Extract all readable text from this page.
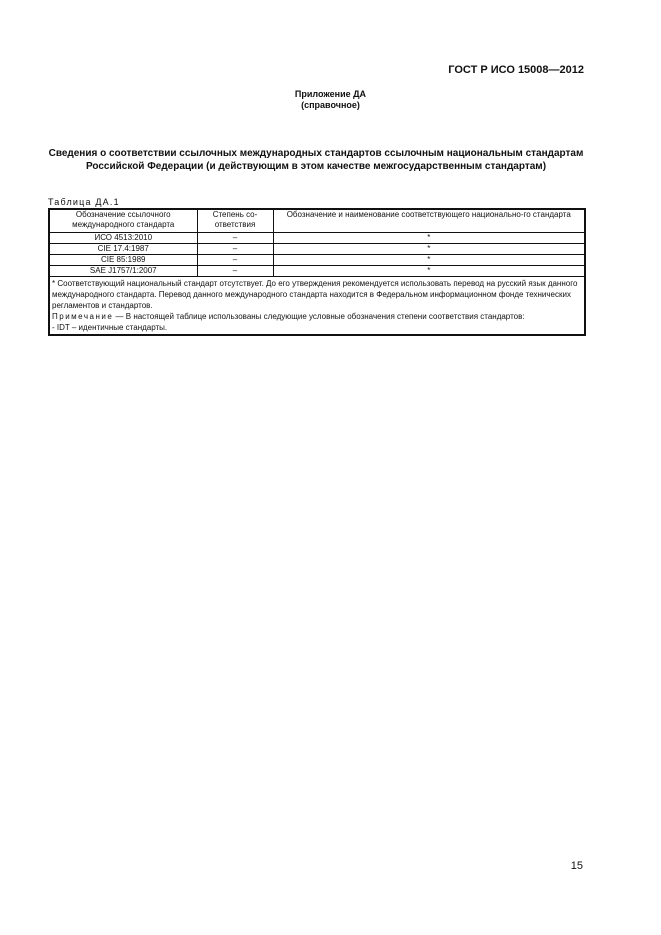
ГОСТ Р ИСО 15008—2012
Приложение ДА
(справочное)
Сведения о соответствии ссылочных международных стандартов ссылочным национальным стандартам Российской Федерации (и действующим в этом качестве межгосударственным стандартам)
Таблица ДА.1
Обозначение ссылочного международного стандарта	Степень со-ответствия	Обозначение и наименование соответствующего национально-го стандарта
ИСО 4513:2010	–	*
CIE 17.4:1987	–	*
CIE 85:1989	–	*
SAE J1757/1:2007	–	*

* Соответствующий национальный стандарт отсутствует. До его утверждения рекомендуется использовать перевод на русский язык данного международного стандарта. Перевод данного международного стандарта находится в Федеральном информационном фонде технических регламентов и стандартов.
Примечание — В настоящей таблице использованы следующие условные обозначения степени соответствия стандартов:
- IDT – идентичные стандарты.		
15
